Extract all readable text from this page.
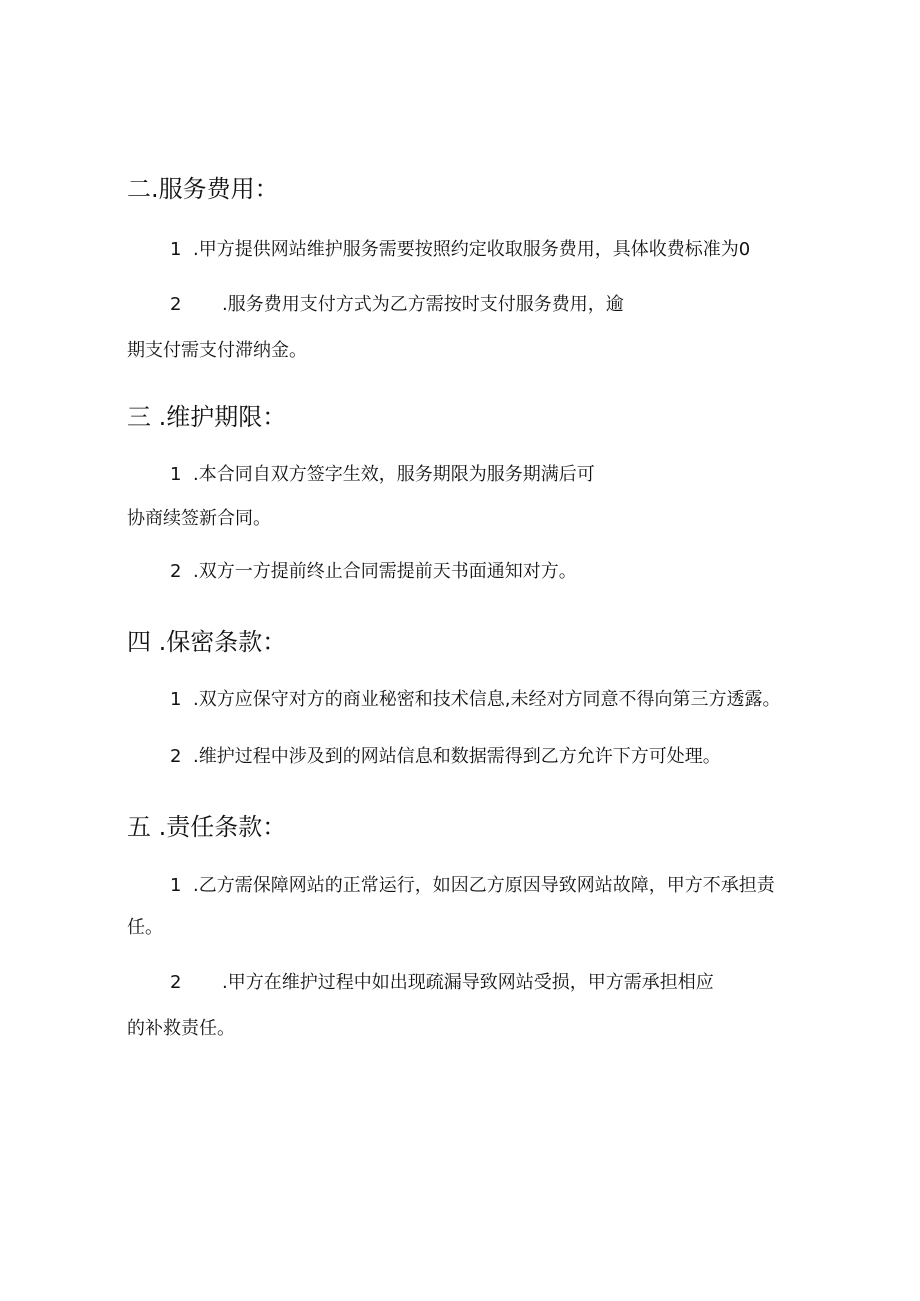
二.服务费用：
1 .甲方提供网站维护服务需要按照约定收取服务费用，具体收费标准为0
2 .服务费用支付方式为乙方需按时支付服务费用，逾
期支付需支付滞纳金。
三 .维护期限：
1 .本合同自双方签字生效，服务期限为服务期满后可
协商续签新合同。
2 .双方一方提前终止合同需提前天书面通知对方。
四 .保密条款：
1 .双方应保守对方的商业秘密和技术信息,未经对方同意不得向第三方透露。
2 .维护过程中涉及到的网站信息和数据需得到乙方允许下方可处理。
五 .责任条款：
1 .乙方需保障网站的正常运行，如因乙方原因导致网站故障，甲方不承担责
任。
2 .甲方在维护过程中如出现疏漏导致网站受损，甲方需承担相应
的补救责任。
